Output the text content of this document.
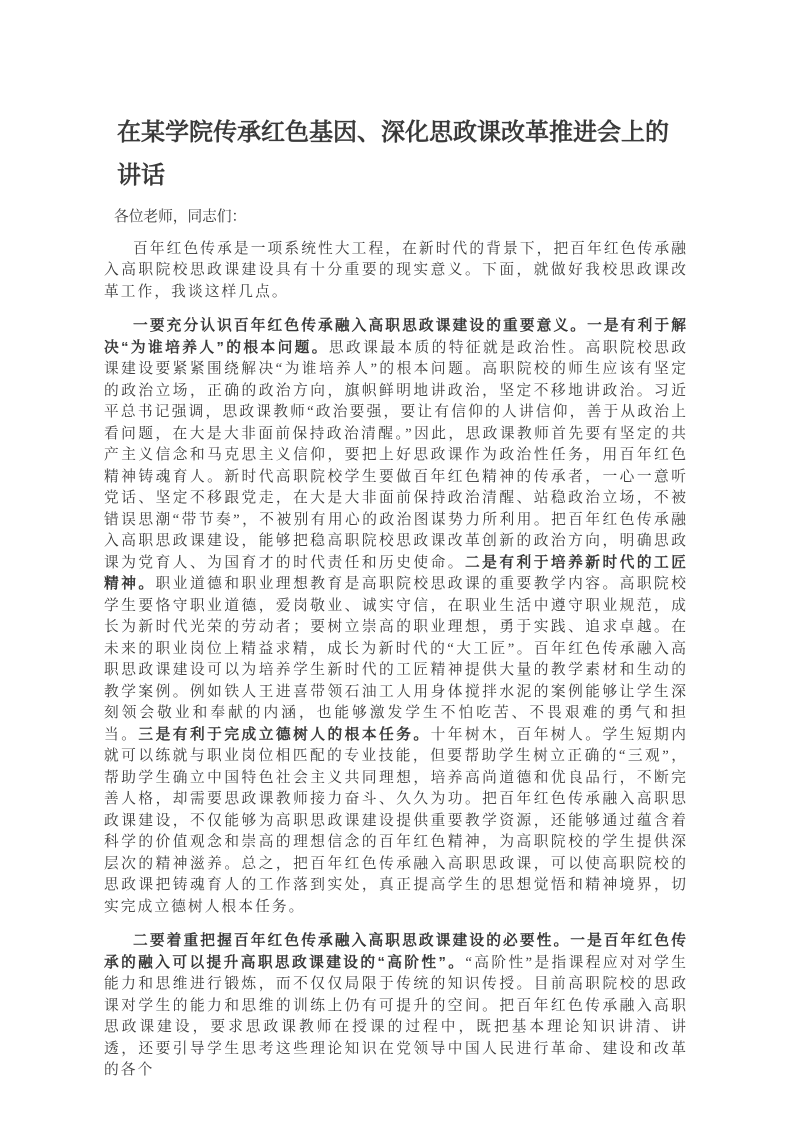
在某学院传承红色基因、深化思政课改革推进会上的讲话

各位老师，同志们：

百年红色传承是一项系统性大工程，在新时代的背景下，把百年红色传承融入高职院校思政课建设具有十分重要的现实意义。下面，就做好我校思政课改革工作，我谈这样几点。

一要充分认识百年红色传承融入高职思政课建设的重要意义。一是有利于解决“为谁培养人”的根本问题。思政课最本质的特征就是政治性。高职院校思政课建设要紧紧围绕解决“为谁培养人”的根本问题。高职院校的师生应该有坚定的政治立场，正确的政治方向，旗帜鲜明地讲政治，坚定不移地讲政治。习近平总书记强调，思政课教师“政治要强，要让有信仰的人讲信仰，善于从政治上看问题，在大是大非面前保持政治清醒。”因此，思政课教师首先要有坚定的共产主义信念和马克思主义信仰，要把上好思政课作为政治性任务，用百年红色精神铸魂育人。新时代高职院校学生要做百年红色精神的传承者，一心一意听党话、坚定不移跟党走，在大是大非面前保持政治清醒、站稳政治立场，不被错误思潮“带节奏”，不被别有用心的政治图谋势力所利用。把百年红色传承融入高职思政课建设，能够把稳高职院校思政课改革创新的政治方向，明确思政课为党育人、为国育才的时代责任和历史使命。二是有利于培养新时代的工匠精神。职业道德和职业理想教育是高职院校思政课的重要教学内容。高职院校学生要恪守职业道德，爱岗敬业、诚实守信，在职业生活中遵守职业规范，成长为新时代光荣的劳动者；要树立崇高的职业理想，勇于实践、追求卓越。在未来的职业岗位上精益求精，成长为新时代的“大工匠”。百年红色传承融入高职思政课建设可以为培养学生新时代的工匠精神提供大量的教学素材和生动的教学案例。例如铁人王进喜带领石油工人用身体搅拌水泥的案例能够让学生深刻领会敬业和奉献的内涵，也能够激发学生不怕吃苦、不畏艰难的勇气和担当。三是有利于完成立德树人的根本任务。十年树木，百年树人。学生短期内就可以练就与职业岗位相匹配的专业技能，但要帮助学生树立正确的“三观”，帮助学生确立中国特色社会主义共同理想，培养高尚道德和优良品行，不断完善人格，却需要思政课教师接力奋斗、久久为功。把百年红色传承融入高职思政课建设，不仅能够为高职思政课建设提供重要教学资源，还能够通过蕴含着科学的价值观念和崇高的理想信念的百年红色精神，为高职院校的学生提供深层次的精神滋养。总之，把百年红色传承融入高职思政课，可以使高职院校的思政课把铸魂育人的工作落到实处，真正提高学生的思想觉悟和精神境界，切实完成立德树人根本任务。

二要着重把握百年红色传承融入高职思政课建设的必要性。一是百年红色传承的融入可以提升高职思政课建设的“高阶性”。“高阶性”是指课程应对对学生能力和思维进行锻炼，而不仅仅局限于传统的知识传授。目前高职院校的思政课对学生的能力和思维的训练上仍有可提升的空间。把百年红色传承融入高职思政课建设，要求思政课教师在授课的过程中，既把基本理论知识讲清、讲透，还要引导学生思考这些理论知识在党领导中国人民进行革命、建设和改革的各个
